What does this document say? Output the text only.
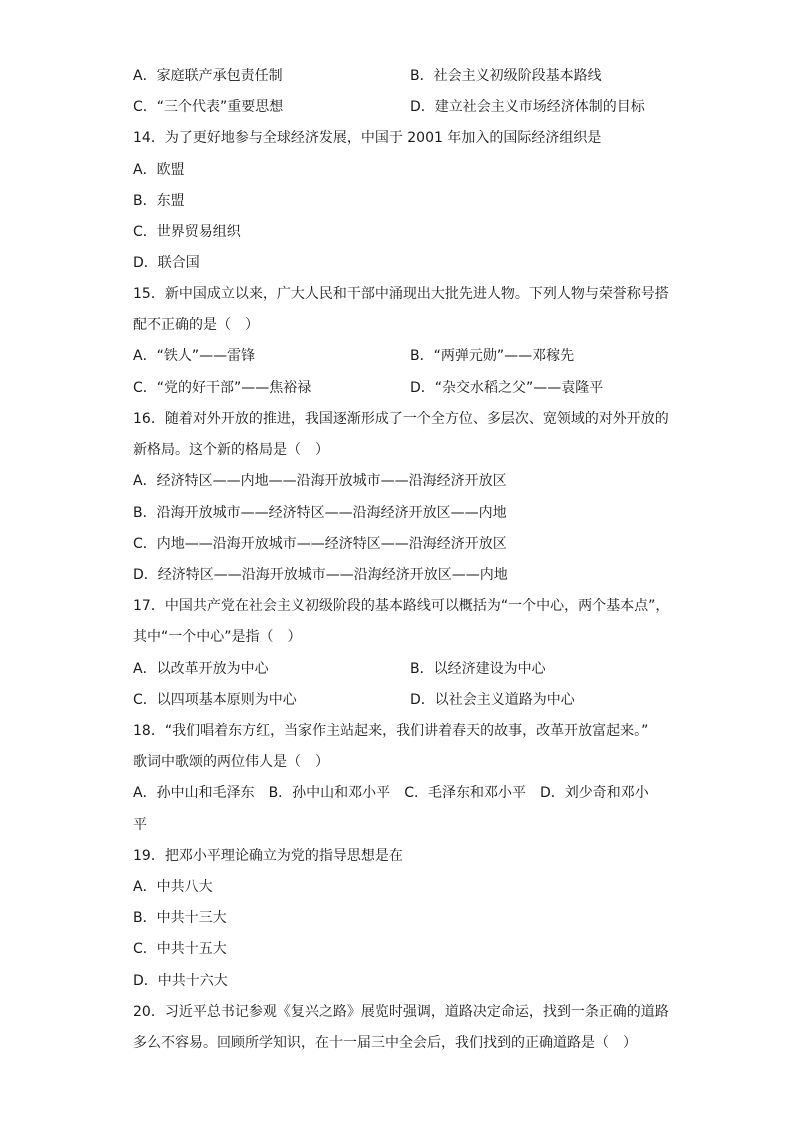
A．家庭联产承包责任制	B．社会主义初级阶段基本路线
C．“三个代表”重要思想	D．建立社会主义市场经济体制的目标
14．为了更好地参与全球经济发展，中国于 2001 年加入的国际经济组织是
A．欧盟
B．东盟
C．世界贸易组织
D．联合国
15．新中国成立以来，广大人民和干部中涌现出大批先进人物。下列人物与荣誉称号搭
配不正确的是（　）
A．“铁人”——雷锋	B．“两弹元勋”——邓稼先
C．“党的好干部”——焦裕禄	D．“杂交水稻之父”——袁隆平
16．随着对外开放的推进，我国逐渐形成了一个全方位、多层次、宽领域的对外开放的
新格局。这个新的格局是（　）
A．经济特区——内地——沿海开放城市——沿海经济开放区
B．沿海开放城市——经济特区——沿海经济开放区——内地
C．内地——沿海开放城市——经济特区——沿海经济开放区
D．经济特区——沿海开放城市——沿海经济开放区——内地
17．中国共产党在社会主义初级阶段的基本路线可以概括为“一个中心，两个基本点”，
其中“一个中心”是指（　）
A．以改革开放为中心	B．以经济建设为中心
C．以四项基本原则为中心	D．以社会主义道路为中心
18．“我们唱着东方红，当家作主站起来，我们讲着春天的故事，改革开放富起来。”
歌词中歌颂的两位伟人是（　）
A．孙中山和毛泽东 B．孙中山和邓小平 C．毛泽东和邓小平 D．刘少奇和邓小
平
19．把邓小平理论确立为党的指导思想是在
A．中共八大
B．中共十三大
C．中共十五大
D．中共十六大
20．习近平总书记参观《复兴之路》展览时强调，道路决定命运，找到一条正确的道路
多么不容易。回顾所学知识，在十一届三中全会后，我们找到的正确道路是（　）
